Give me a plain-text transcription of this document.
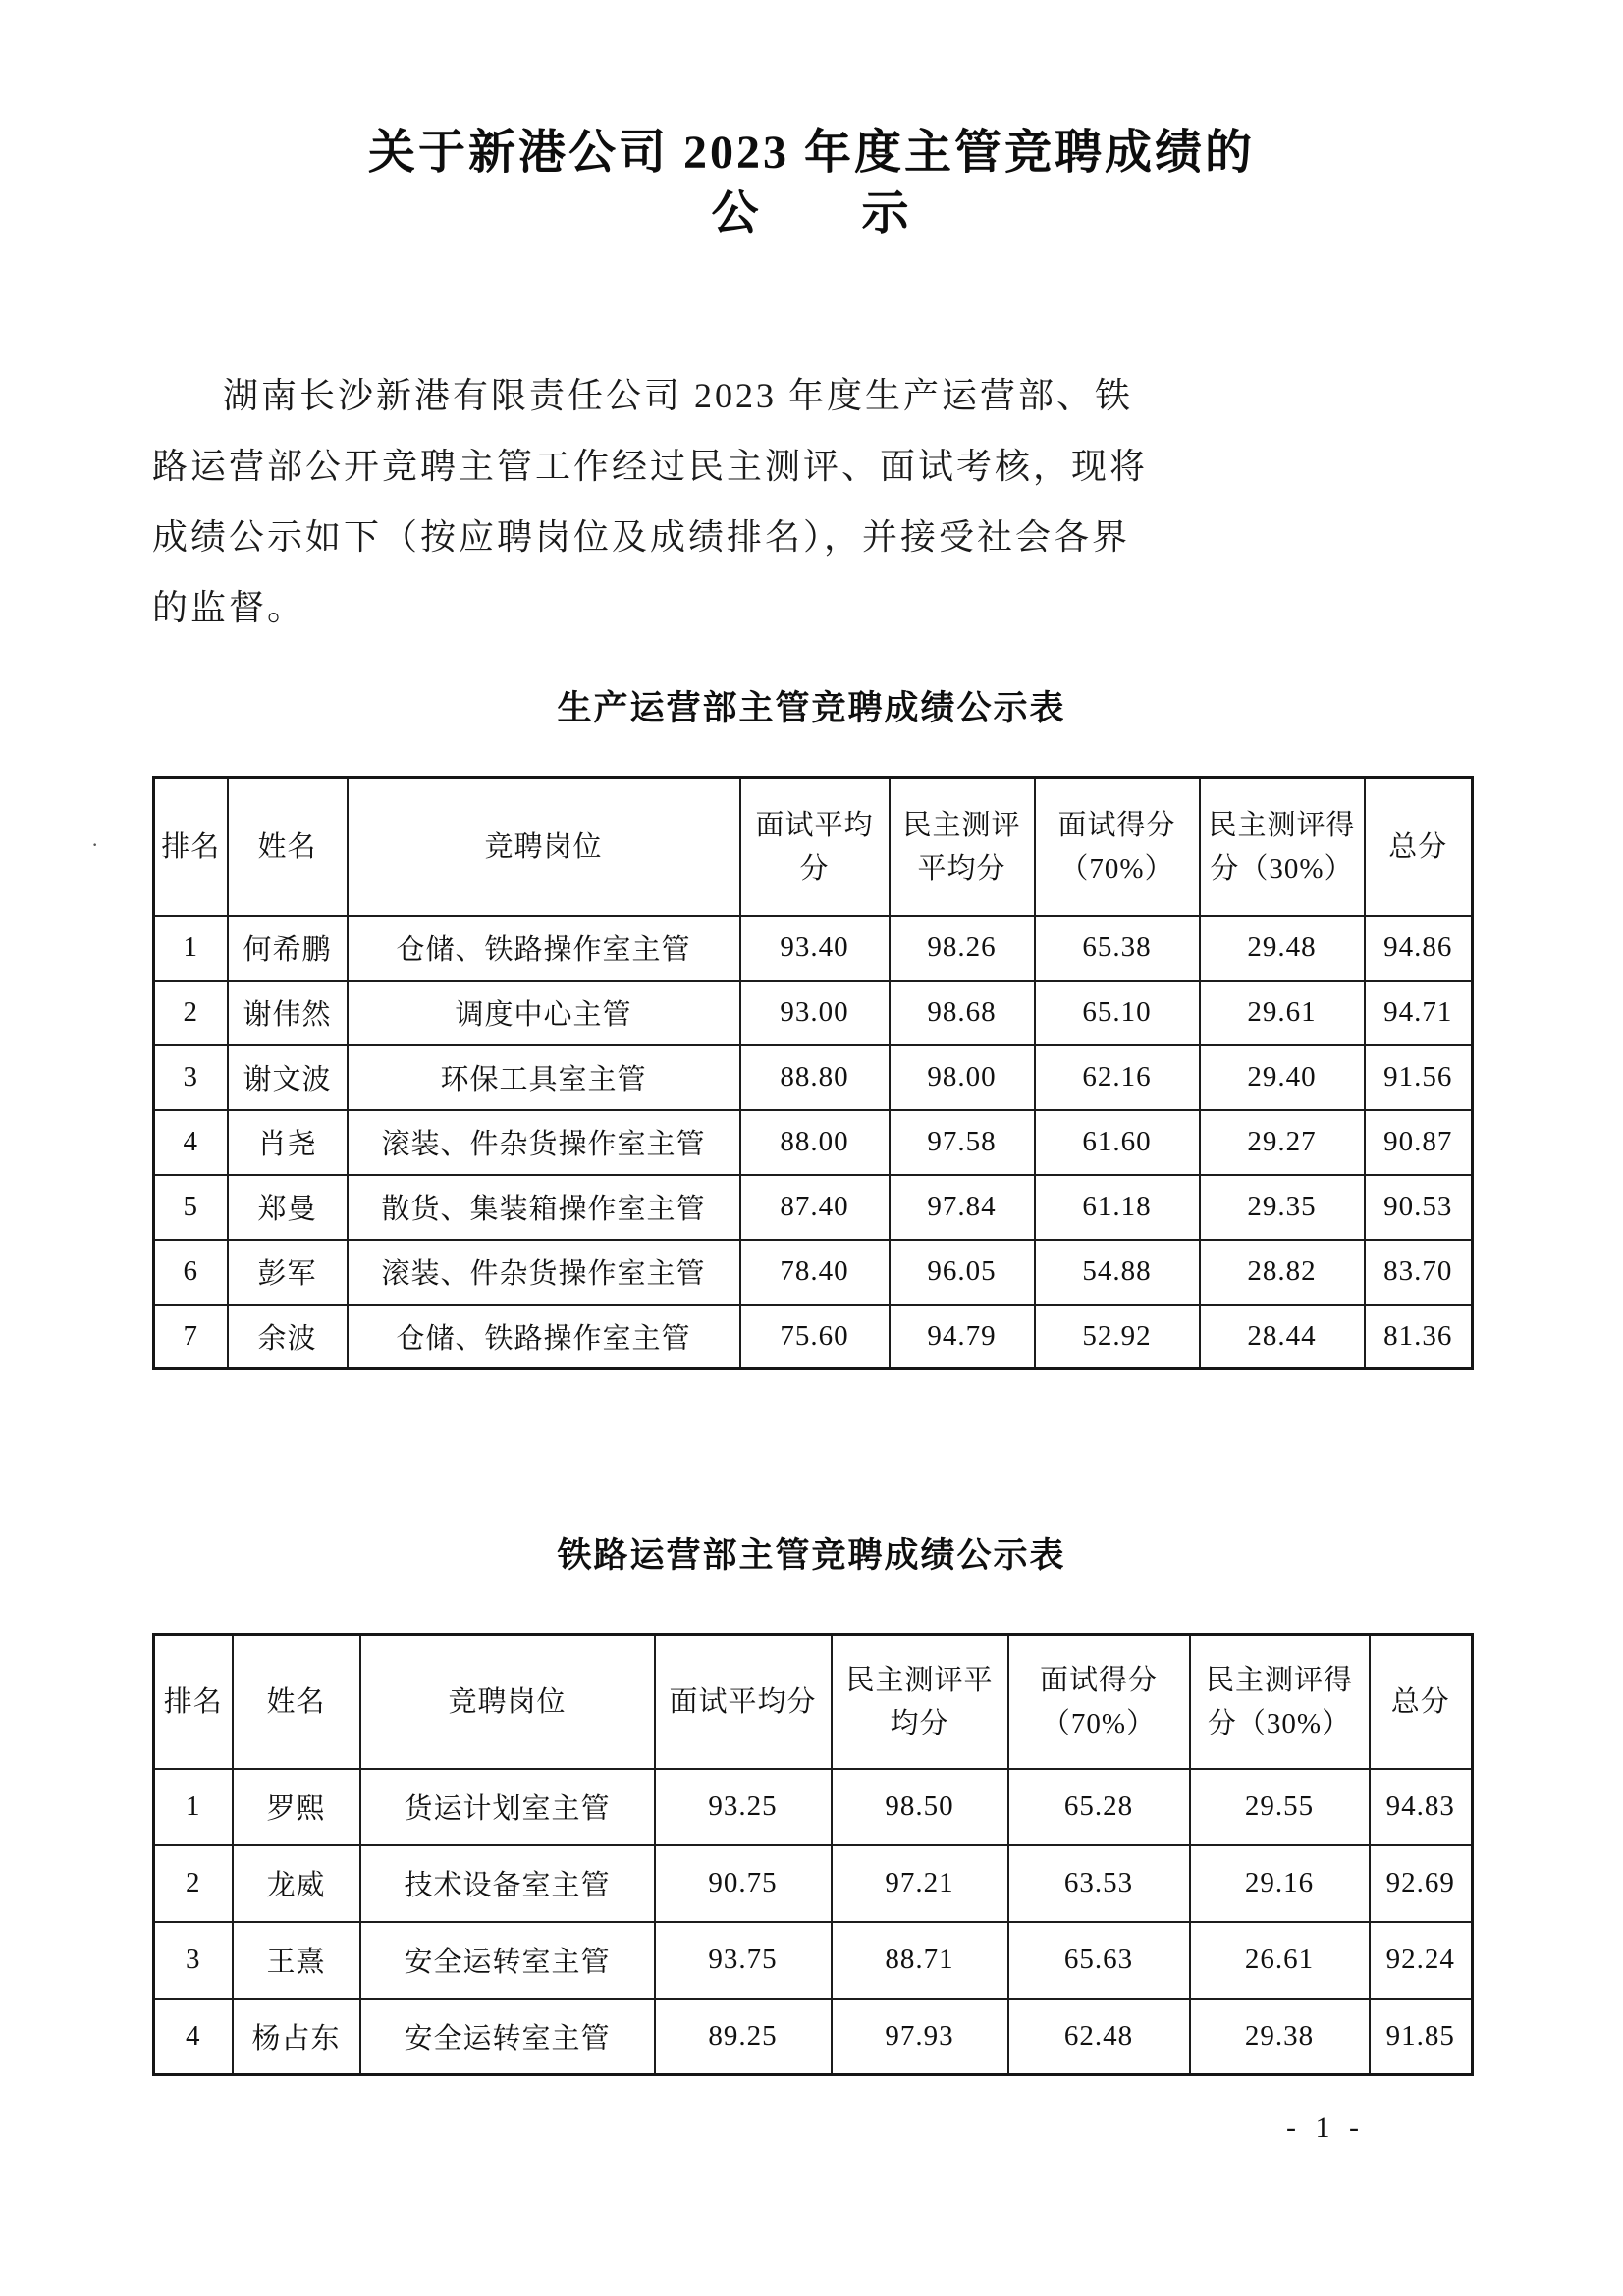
·
关于新港公司 2023 年度主管竞聘成绩的
公　　示
湖南长沙新港有限责任公司 2023 年度生产运营部、铁
路运营部公开竞聘主管工作经过民主测评、面试考核，现将
成绩公示如下（按应聘岗位及成绩排名），并接受社会各界
的监督。
生产运营部主管竞聘成绩公示表
排名	姓名	竞聘岗位	面试平均分	民主测评平均分	面试得分（70%）	民主测评得分（30%）	总分
1	何希鹏	仓储、铁路操作室主管	93.40	98.26	65.38	29.48	94.86
2	谢伟然	调度中心主管	93.00	98.68	65.10	29.61	94.71
3	谢文波	环保工具室主管	88.80	98.00	62.16	29.40	91.56
4	肖尧	滚装、件杂货操作室主管	88.00	97.58	61.60	29.27	90.87
5	郑曼	散货、集装箱操作室主管	87.40	97.84	61.18	29.35	90.53
6	彭军	滚装、件杂货操作室主管	78.40	96.05	54.88	28.82	83.70
7	余波	仓储、铁路操作室主管	75.60	94.79	52.92	28.44	81.36
铁路运营部主管竞聘成绩公示表
排名	姓名	竞聘岗位	面试平均分	民主测评平均分	面试得分（70%）	民主测评得分（30%）	总分
1	罗熙	货运计划室主管	93.25	98.50	65.28	29.55	94.83
2	龙威	技术设备室主管	90.75	97.21	63.53	29.16	92.69
3	王熹	安全运转室主管	93.75	88.71	65.63	26.61	92.24
4	杨占东	安全运转室主管	89.25	97.93	62.48	29.38	91.85
- 1 -
